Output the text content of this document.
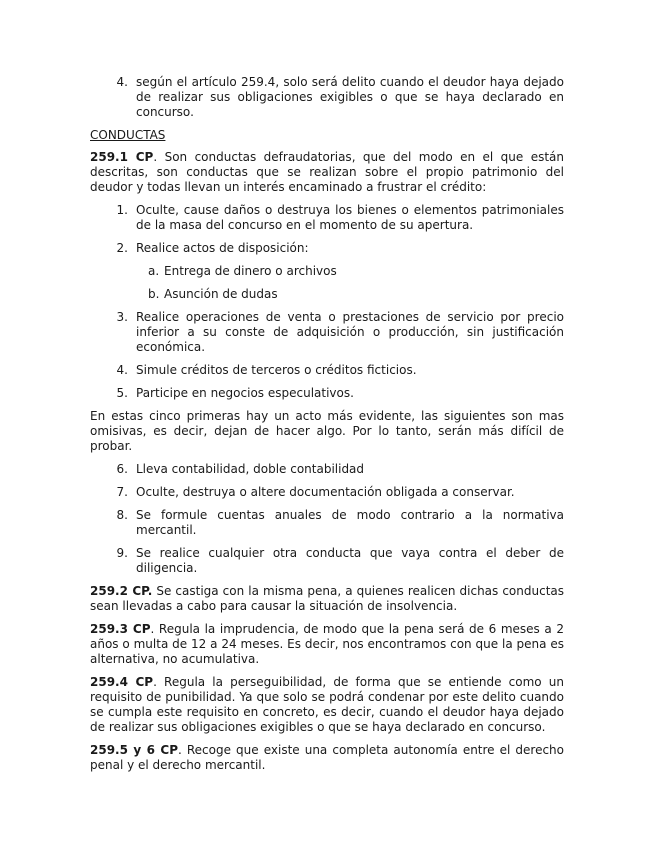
4 . según el artículo 259.4, solo será delito cuando el deudor haya dejado de realizar sus obligaciones exigibles o que se haya declarado en concurso.

CONDUCTAS

259.1 CP. Son conductas defraudatorias, que del modo en el que están descritas, son conductas que se realizan sobre el propio patrimonio del deudor y todas llevan un interés encaminado a frustrar el crédito:

1 . Oculte, cause daños o destruya los bienes o elementos patrimoniales de la masa del concurso en el momento de su apertura.
2 . Realice actos de disposición:
a . Entrega de dinero o archivos
b . Asunción de dudas
3 . Realice operaciones de venta o prestaciones de servicio por precio inferior a su conste de adquisición o producción, sin justificación económica.
4 . Simule créditos de terceros o créditos ficticios.
5 . Participe en negocios especulativos.

En estas cinco primeras hay un acto más evidente, las siguientes son mas omisivas, es decir, dejan de hacer algo. Por lo tanto, serán más difícil de probar.

6 . Lleva contabilidad, doble contabilidad
7 . Oculte, destruya o altere documentación obligada a conservar.
8 . Se formule cuentas anuales de modo contrario a la normativa mercantil.
9 . Se realice cualquier otra conducta que vaya contra el deber de diligencia.

259.2 CP. Se castiga con la misma pena, a quienes realicen dichas conductas sean llevadas a cabo para causar la situación de insolvencia.

259.3 CP. Regula la imprudencia, de modo que la pena será de 6 meses a 2 años o multa de 12 a 24 meses. Es decir, nos encontramos con que la pena es alternativa, no acumulativa.

259.4 CP. Regula la perseguibilidad, de forma que se entiende como un requisito de punibilidad. Ya que solo se podrá condenar por este delito cuando se cumpla este requisito en concreto, es decir, cuando el deudor haya dejado de realizar sus obligaciones exigibles o que se haya declarado en concurso.

259.5 y 6 CP. Recoge que existe una completa autonomía entre el derecho penal y el derecho mercantil.
